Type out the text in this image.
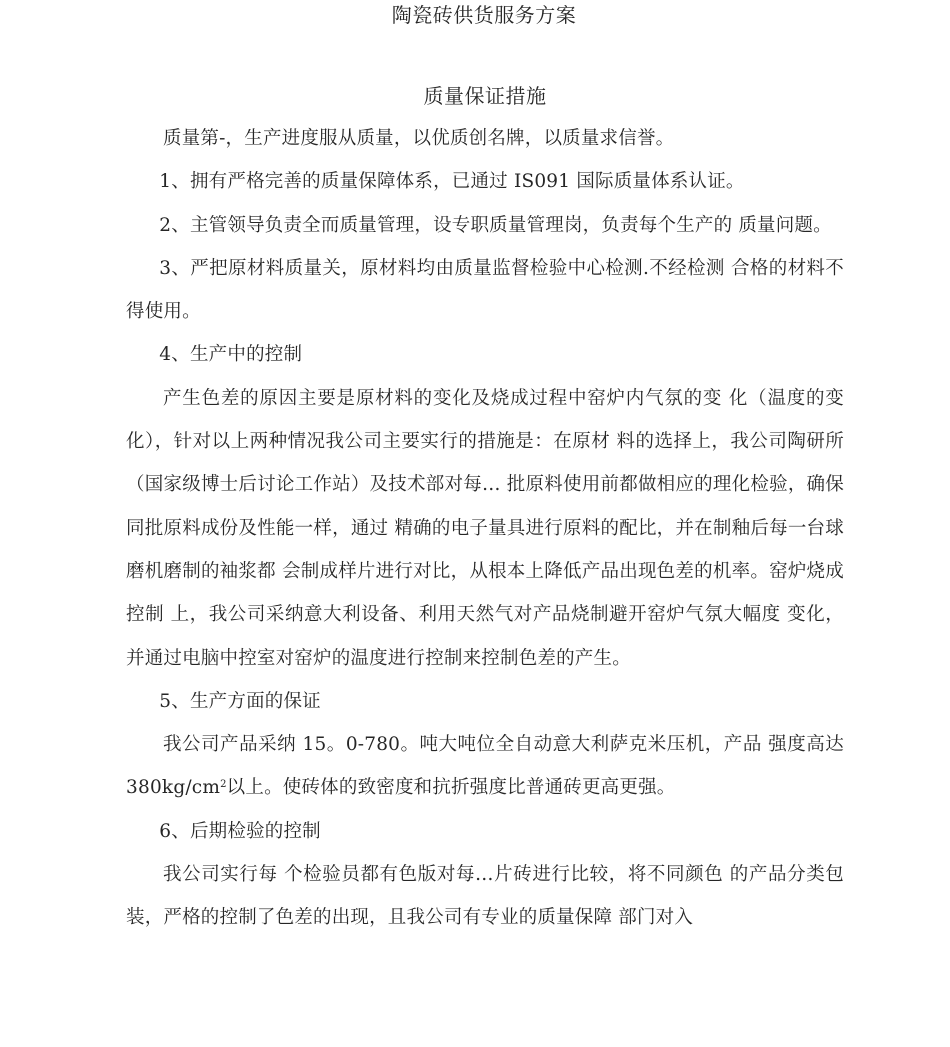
陶瓷砖供货服务方案
质量保证措施

质量第-，生产进度服从质量，以优质创名牌，以质量求信誉。

1、拥有严格完善的质量保障体系，已通过 IS091 国际质量体系认证。

2、主管领导负责全而质量管理，设专职质量管理岗，负责每个生产的 质量问题。

3、严把原材料质量关，原材料均由质量监督检验中心检测.不经检测 合格的材料不得使用。

4、生产中的控制

产生色差的原因主要是原材料的变化及烧成过程中窑炉内气氛的变 化（温度的变化），针对以上两种情况我公司主要实行的措施是：在原材 料的选择上，我公司陶研所（国家级博士后讨论工作站）及技术部对每… 批原料使用前都做相应的理化检验，确保同批原料成份及性能一样，通过 精确的电子量具进行原料的配比，并在制釉后每一台球磨机磨制的袖浆都 会制成样片进行对比，从根本上降低产品出现色差的机率。窑炉烧成控制 上，我公司采纳意大利设备、利用天然气对产品烧制避开窑炉气氛大幅度 变化，并通过电脑中控室对窑炉的温度进行控制来控制色差的产生。

5、生产方面的保证

我公司产品采纳 15。0-780。吨大吨位全自动意大利萨克米压机，产品 强度高达 $380kg/cm^2$以上。使砖体的致密度和抗折强度比普通砖更高更强。

6、后期检验的控制

我公司实行每 个检验员都有色版对每…片砖进行比较，将不同颜色 的产品分类包装，严格的控制了色差的出现，且我公司有专业的质量保障 部门对入
